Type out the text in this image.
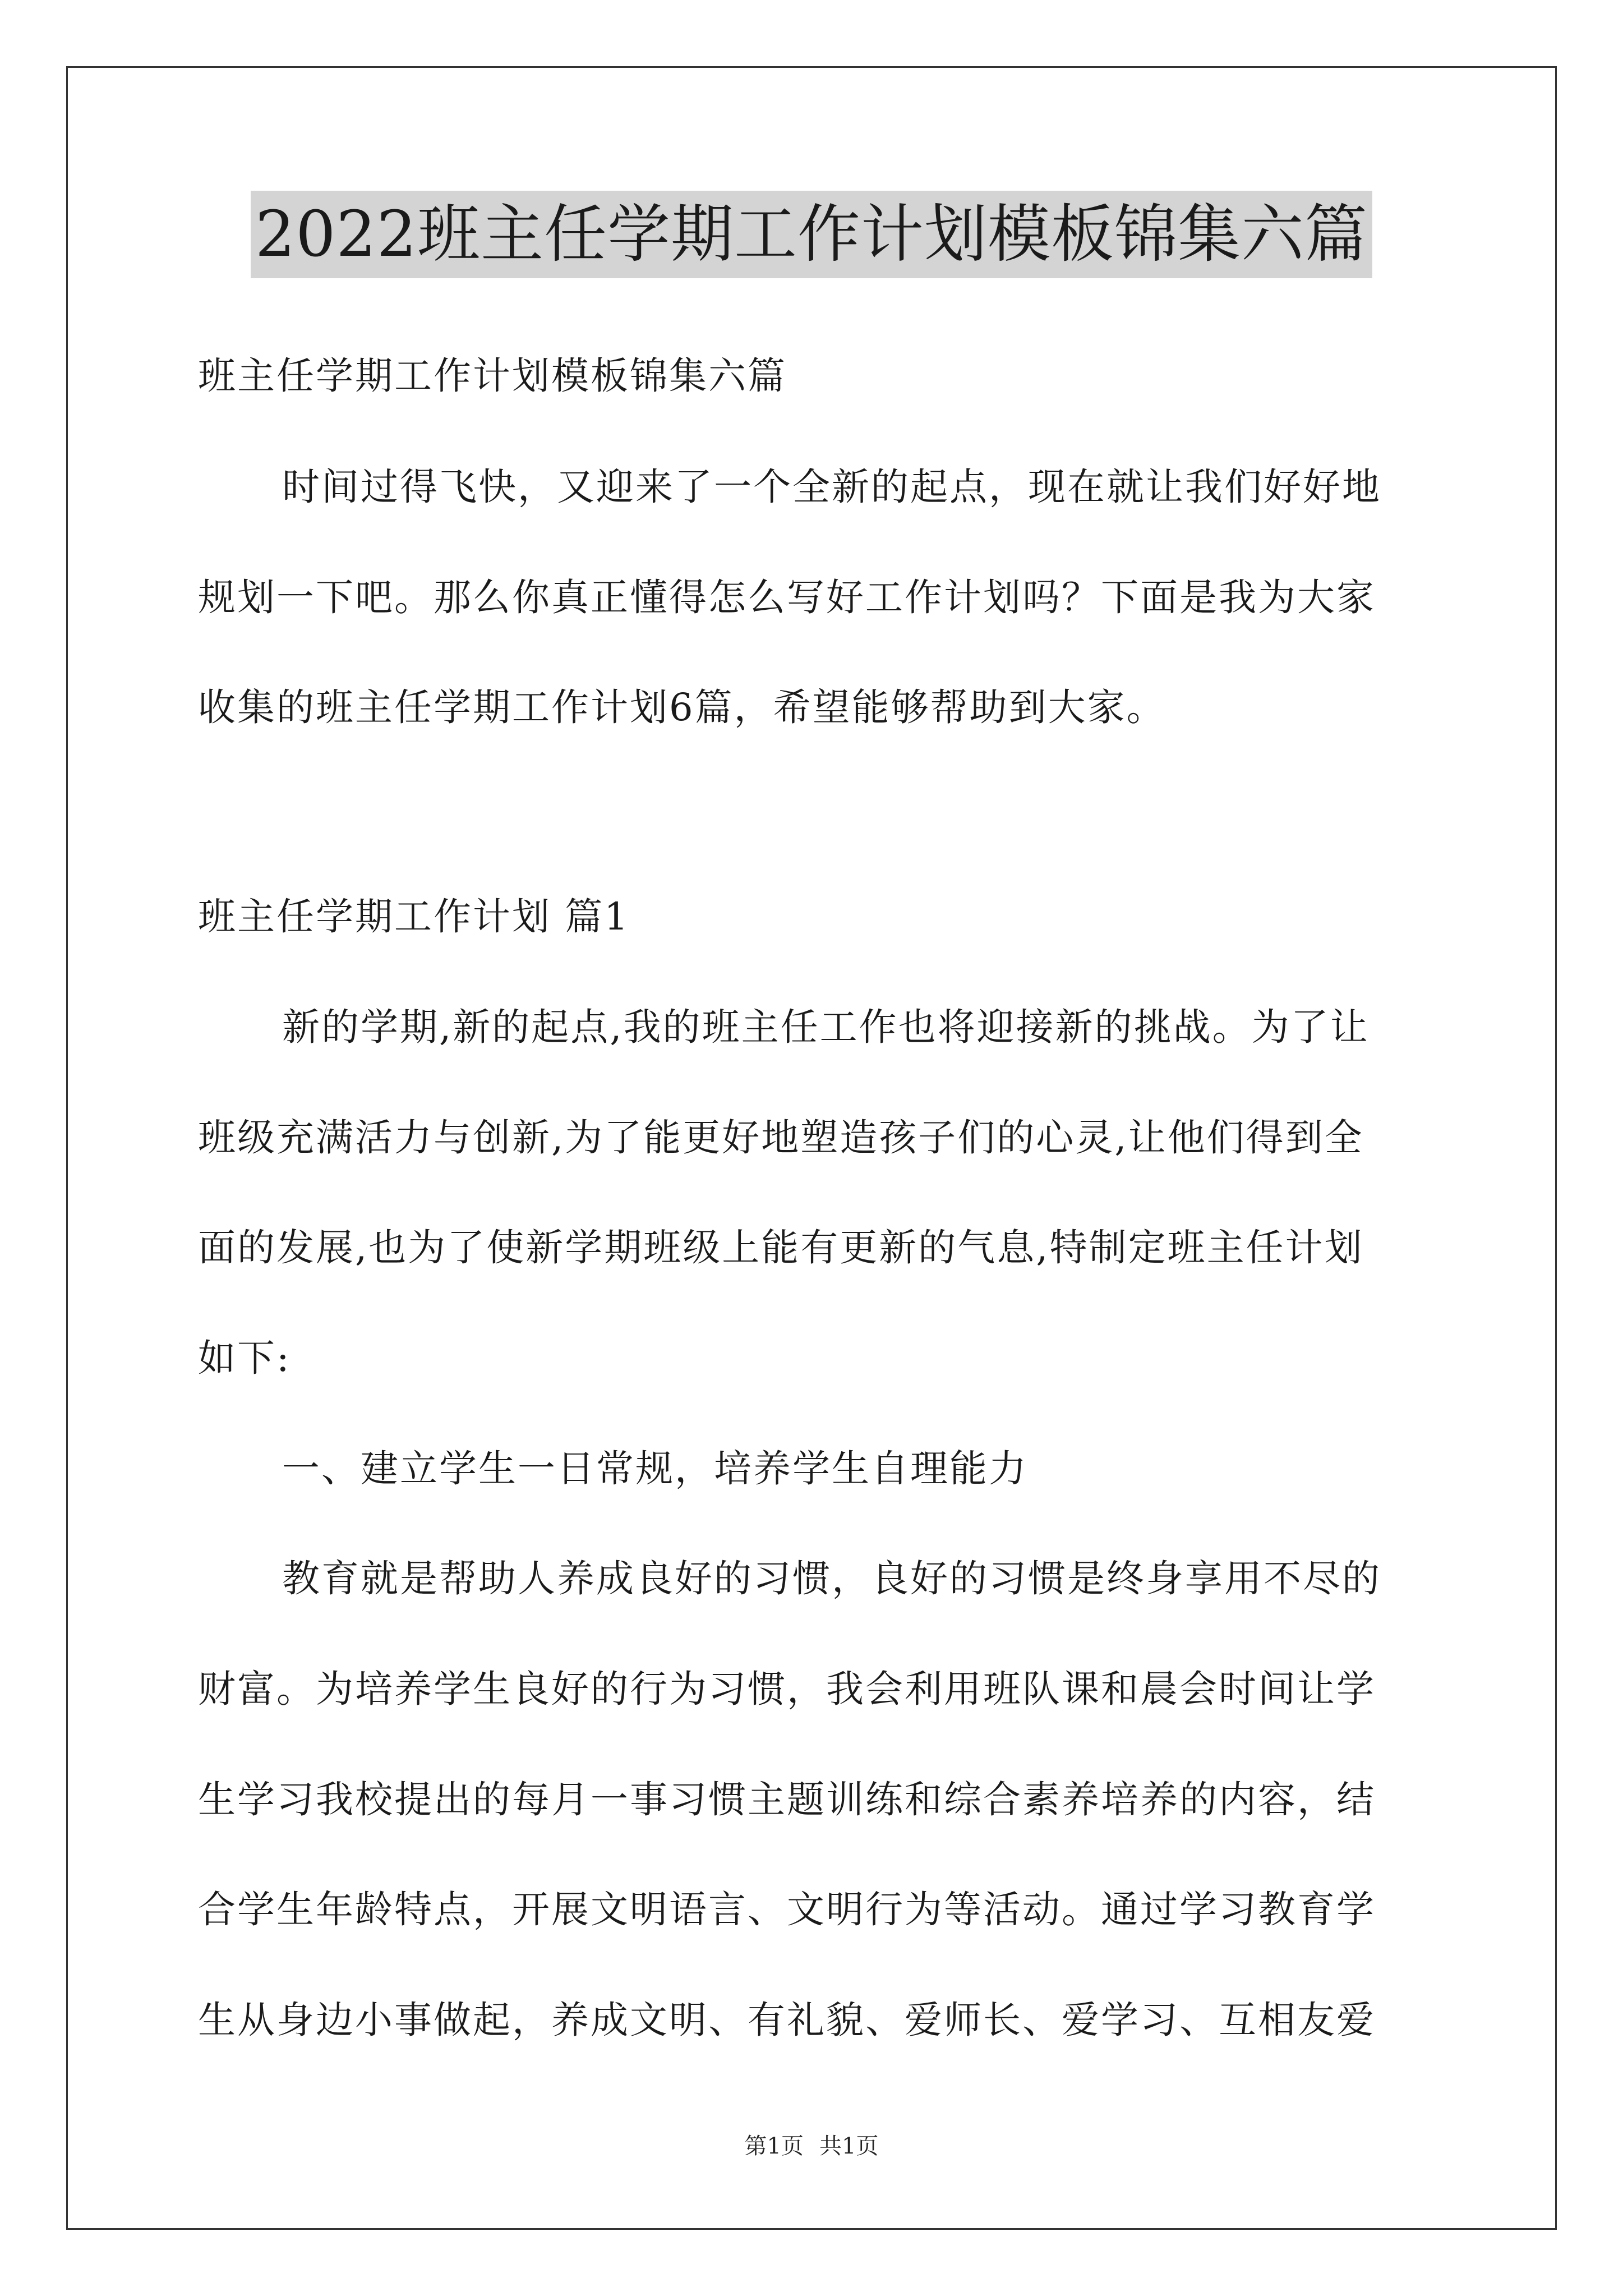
2022班主任学期工作计划模板锦集六篇
班主任学期工作计划模板锦集六篇
时间过得飞快，又迎来了一个全新的起点，现在就让我们好好地
规划一下吧。那么你真正懂得怎么写好工作计划吗？下面是我为大家
收集的班主任学期工作计划6篇，希望能够帮助到大家。
班主任学期工作计划 篇1
新的学期,新的起点,我的班主任工作也将迎接新的挑战。为了让
班级充满活力与创新,为了能更好地塑造孩子们的心灵,让他们得到全
面的发展,也为了使新学期班级上能有更新的气息,特制定班主任计划
如下:
一、建立学生一日常规，培养学生自理能力
教育就是帮助人养成良好的习惯，良好的习惯是终身享用不尽的
财富。为培养学生良好的行为习惯，我会利用班队课和晨会时间让学
生学习我校提出的每月一事习惯主题训练和综合素养培养的内容，结
合学生年龄特点，开展文明语言、文明行为等活动。通过学习教育学
生从身边小事做起，养成文明、有礼貌、爱师长、爱学习、互相友爱
第1页 共1页
